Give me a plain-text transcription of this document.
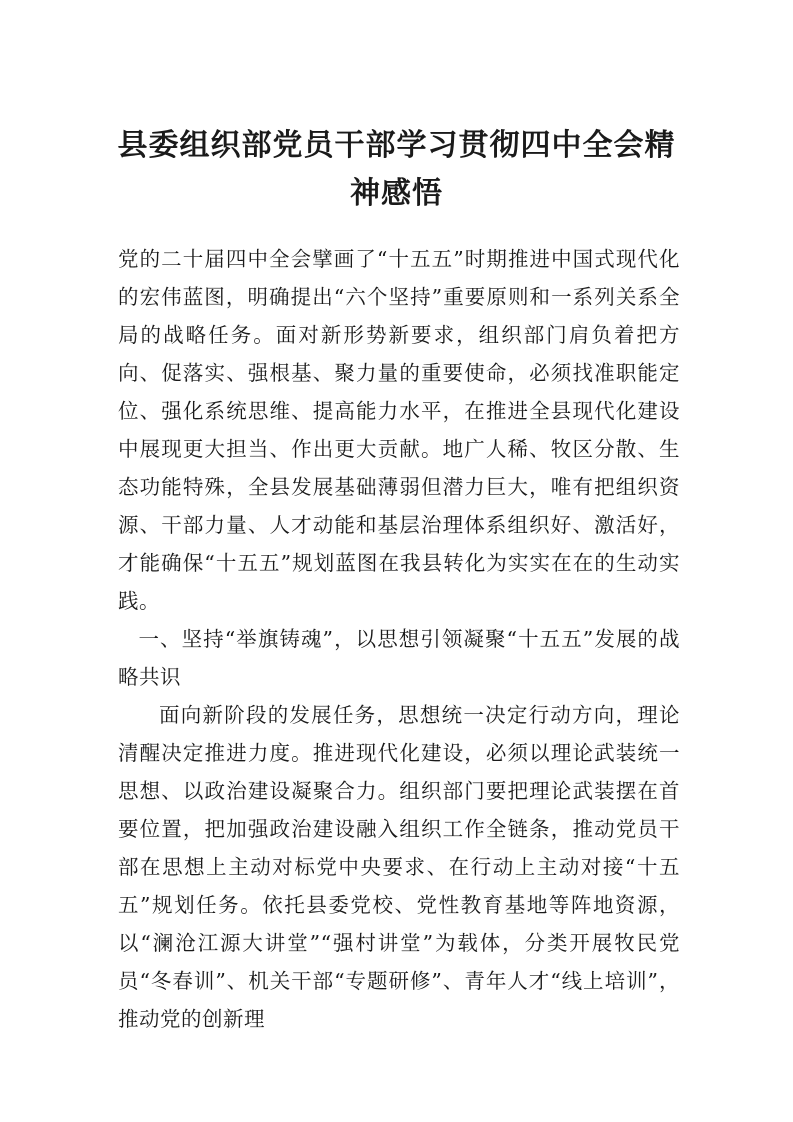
县委组织部党员干部学习贯彻四中全会精神感悟

党的二十届四中全会擘画了“十五五”时期推进中国式现代化的宏伟蓝图，明确提出“六个坚持”重要原则和一系列关系全局的战略任务。面对新形势新要求，组织部门肩负着把方向、促落实、强根基、聚力量的重要使命，必须找准职能定位、强化系统思维、提高能力水平，在推进全县现代化建设中展现更大担当、作出更大贡献。地广人稀、牧区分散、生态功能特殊，全县发展基础薄弱但潜力巨大，唯有把组织资源、干部力量、人才动能和基层治理体系组织好、激活好，才能确保“十五五”规划蓝图在我县转化为实实在在的生动实践。

一、坚持“举旗铸魂”，以思想引领凝聚“十五五”发展的战略共识

面向新阶段的发展任务，思想统一决定行动方向，理论清醒决定推进力度。推进现代化建设，必须以理论武装统一思想、以政治建设凝聚合力。组织部门要把理论武装摆在首要位置，把加强政治建设融入组织工作全链条，推动党员干部在思想上主动对标党中央要求、在行动上主动对接“十五五”规划任务。依托县委党校、党性教育基地等阵地资源，以“澜沧江源大讲堂”“强村讲堂”为载体，分类开展牧民党员“冬春训”、机关干部“专题研修”、青年人才“线上培训”，推动党的创新理
